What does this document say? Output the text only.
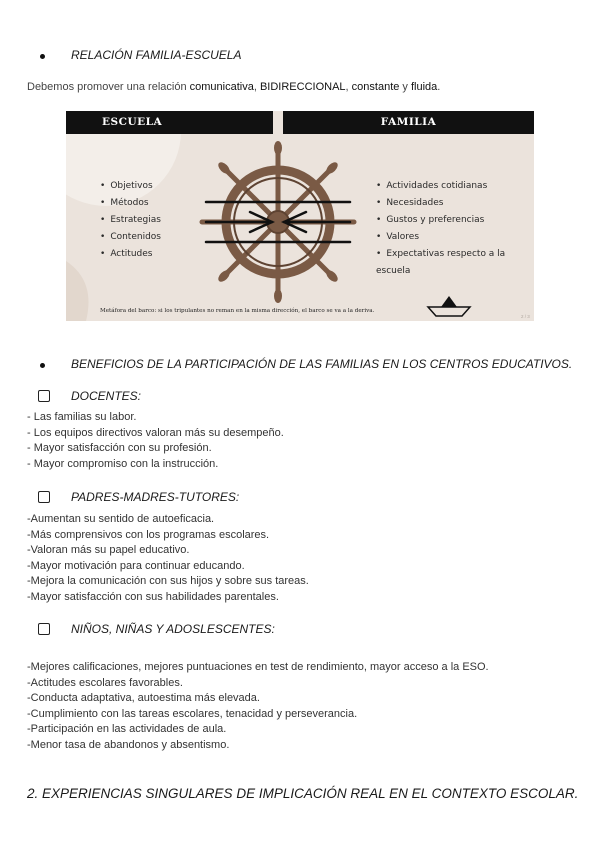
RELACIÓN FAMILIA-ESCUELA
Debemos promover una relación comunicativa, BIDIRECCIONAL, constante y fluida.
ESCUELA	FAMILIA
• Objetivos
• Métodos
• Estrategias
• Contenidos
• Actitudes
• Actividades cotidianas
• Necesidades
• Gustos y preferencias
• Valores
• Expectativas respecto a la escuela
Metáfora del barco: si los tripulantes no reman en la misma dirección, el barco se va a la deriva.
2 / 3
BENEFICIOS DE LA PARTICIPACIÓN DE LAS FAMILIAS EN LOS CENTROS EDUCATIVOS.
DOCENTES:
- Las familias su labor.
- Los equipos directivos valoran más su desempeño.
- Mayor satisfacción con su profesión.
- Mayor compromiso con la instrucción.
PADRES-MADRES-TUTORES:
-Aumentan su sentido de autoeficacia.
-Más comprensivos con los programas escolares.
-Valoran más su papel educativo.
-Mayor motivación para continuar educando.
-Mejora la comunicación con sus hijos y sobre sus tareas.
-Mayor satisfacción con sus habilidades parentales.
NIÑOS, NIÑAS Y ADOSLESCENTES:
-Mejores calificaciones, mejores puntuaciones en test de rendimiento, mayor acceso a la ESO.
-Actitudes escolares favorables.
-Conducta adaptativa, autoestima más elevada.
-Cumplimiento con las tareas escolares, tenacidad y perseverancia.
-Participación en las actividades de aula.
-Menor tasa de abandonos y absentismo.
2. EXPERIENCIAS SINGULARES DE IMPLICACIÓN REAL EN EL CONTEXTO ESCOLAR.
